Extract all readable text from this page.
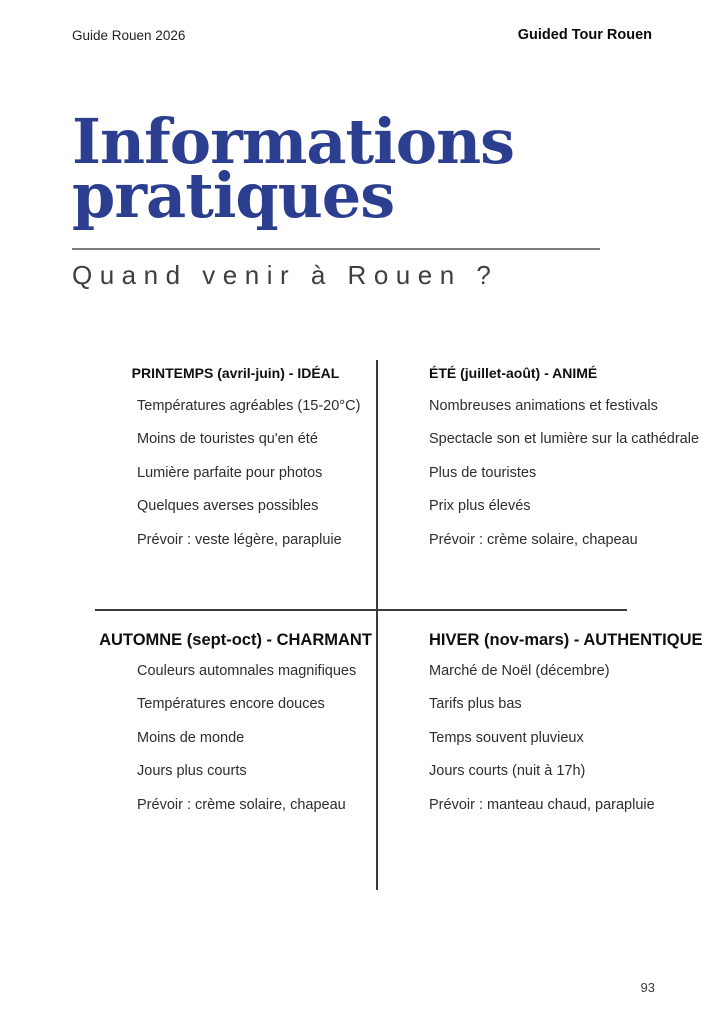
Guide Rouen 2026	Guided Tour Rouen
Informations
pratiques
Quand venir à Rouen ?
PRINTEMPS (avril-juin) - IDÉAL
Températures agréables (15-20°C)
Moins de touristes qu'en été
Lumière parfaite pour photos
Quelques averses possibles
Prévoir : veste légère, parapluie
ÉTÉ (juillet-août) - ANIMÉ
Nombreuses animations et festivals
Spectacle son et lumière sur la cathédrale
Plus de touristes
Prix plus élevés
Prévoir : crème solaire, chapeau
AUTOMNE (sept-oct) - CHARMANT
Couleurs automnales magnifiques
Températures encore douces
Moins de monde
Jours plus courts
Prévoir : crème solaire, chapeau
HIVER (nov-mars) - AUTHENTIQUE
Marché de Noël (décembre)
Tarifs plus bas
Temps souvent pluvieux
Jours courts (nuit à 17h)
Prévoir : manteau chaud, parapluie
93
